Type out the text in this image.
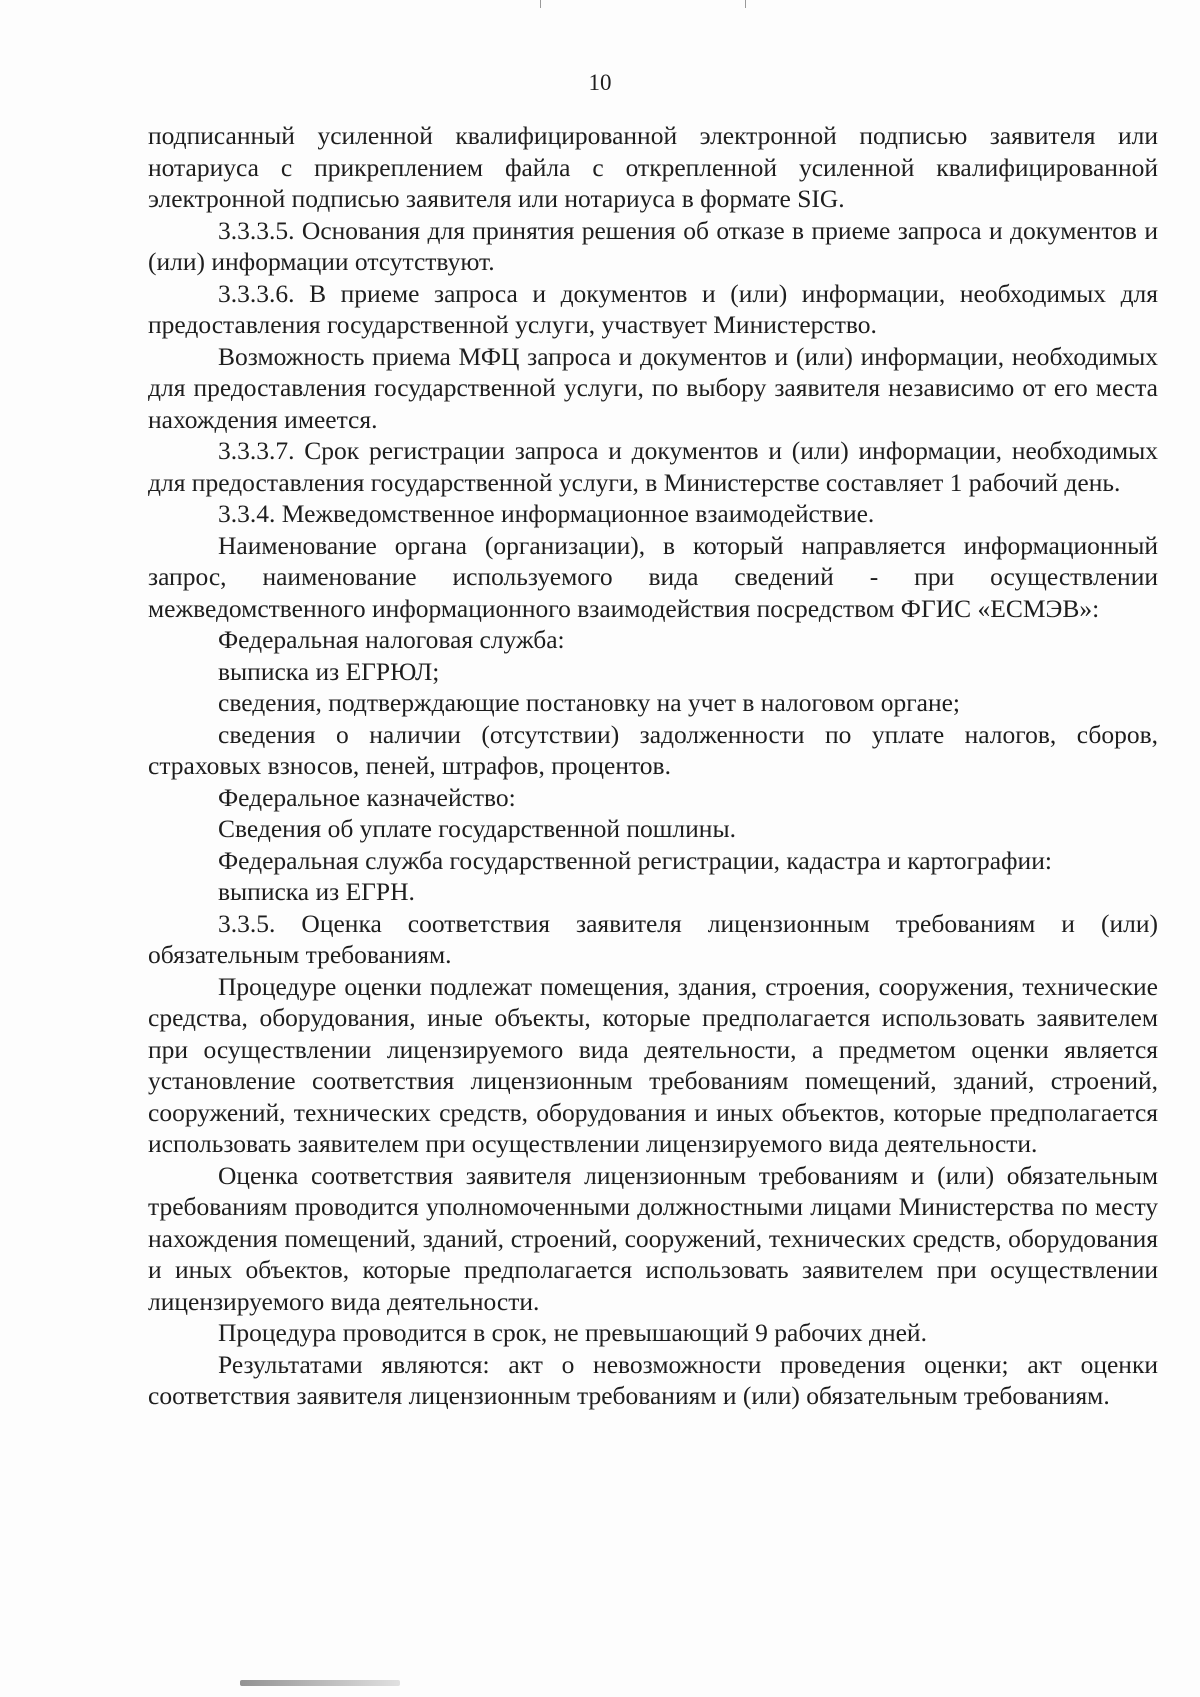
10

подписанный усиленной квалифицированной электронной подписью заявителя или нотариуса с прикреплением файла с открепленной усиленной квалифицированной электронной подписью заявителя или нотариуса в формате SIG.

3.3.3.5. Основания для принятия решения об отказе в приеме запроса и документов и (или) информации отсутствуют.

3.3.3.6. В приеме запроса и документов и (или) информации, необходимых для предоставления государственной услуги, участвует Министерство.

Возможность приема МФЦ запроса и документов и (или) информации, необходимых для предоставления государственной услуги, по выбору заявителя независимо от его места нахождения имеется.

3.3.3.7. Срок регистрации запроса и документов и (или) информации, необходимых для предоставления государственной услуги, в Министерстве составляет 1 рабочий день.

3.3.4. Межведомственное информационное взаимодействие.

Наименование органа (организации), в который направляется информационный запрос, наименование используемого вида сведений - при осуществлении межведомственного информационного взаимодействия посредством ФГИС «ЕСМЭВ»:

Федеральная налоговая служба:

выписка из ЕГРЮЛ;

сведения, подтверждающие постановку на учет в налоговом органе;

сведения о наличии (отсутствии) задолженности по уплате налогов, сборов, страховых взносов, пеней, штрафов, процентов.

Федеральное казначейство:

Сведения об уплате государственной пошлины.

Федеральная служба государственной регистрации, кадастра и картографии:

выписка из ЕГРН.

3.3.5. Оценка соответствия заявителя лицензионным требованиям и (или) обязательным требованиям.

Процедуре оценки подлежат помещения, здания, строения, сооружения, технические средства, оборудования, иные объекты, которые предполагается использовать заявителем при осуществлении лицензируемого вида деятельности, а предметом оценки является установление соответствия лицензионным требованиям помещений, зданий, строений, сооружений, технических средств, оборудования и иных объектов, которые предполагается использовать заявителем при осуществлении лицензируемого вида деятельности.

Оценка соответствия заявителя лицензионным требованиям и (или) обязательным требованиям проводится уполномоченными должностными лицами Министерства по месту нахождения помещений, зданий, строений, сооружений, технических средств, оборудования и иных объектов, которые предполагается использовать заявителем при осуществлении лицензируемого вида деятельности.

Процедура проводится в срок, не превышающий 9 рабочих дней.

Результатами являются: акт о невозможности проведения оценки; акт оценки соответствия заявителя лицензионным требованиям и (или) обязательным требованиям.
